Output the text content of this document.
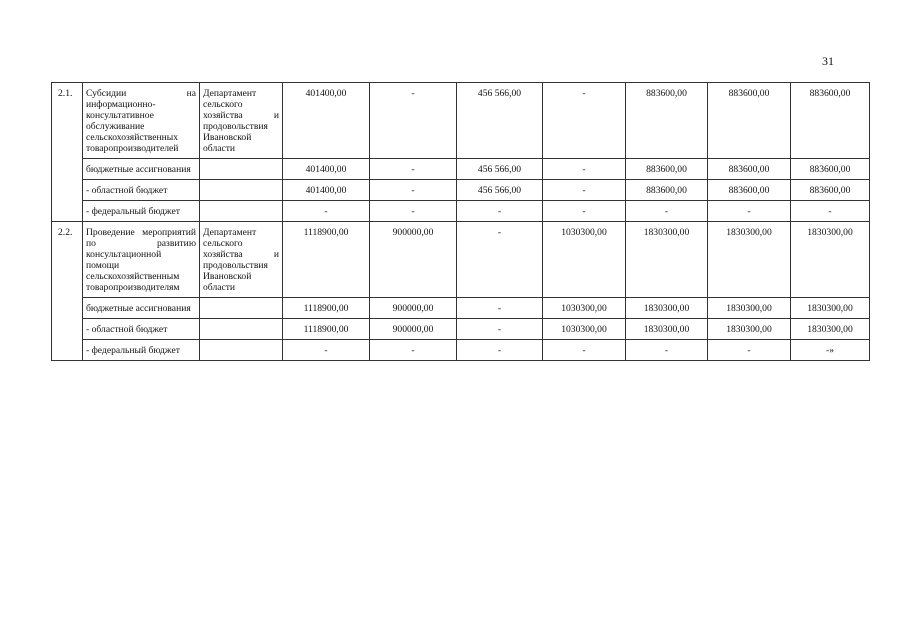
31
2.1.	Субсидии на информационно-консультативное обслуживание сельскохозяйственных товаропроизводителей	Департамент сельского хозяйства и продовольствия Ивановской области	401400,00	-	456 566,00	-	883600,00	883600,00	883600,00
	бюджетные ассигнования		401400,00	-	456 566,00	-	883600,00	883600,00	883600,00
	- областной бюджет		401400,00	-	456 566,00	-	883600,00	883600,00	883600,00
	- федеральный бюджет		-	-	-	-	-	-	-
2.2.	Проведение мероприятий по развитию консультационной помощи сельскохозяйственным товаропроизводителям	Департамент сельского хозяйства и продовольствия Ивановской области	1118900,00	900000,00	-	1030300,00	1830300,00	1830300,00	1830300,00
	бюджетные ассигнования		1118900,00	900000,00	-	1030300,00	1830300,00	1830300,00	1830300,00
	- областной бюджет		1118900,00	900000,00	-	1030300,00	1830300,00	1830300,00	1830300,00
	- федеральный бюджет		-	-	-	-	-	-	-»
